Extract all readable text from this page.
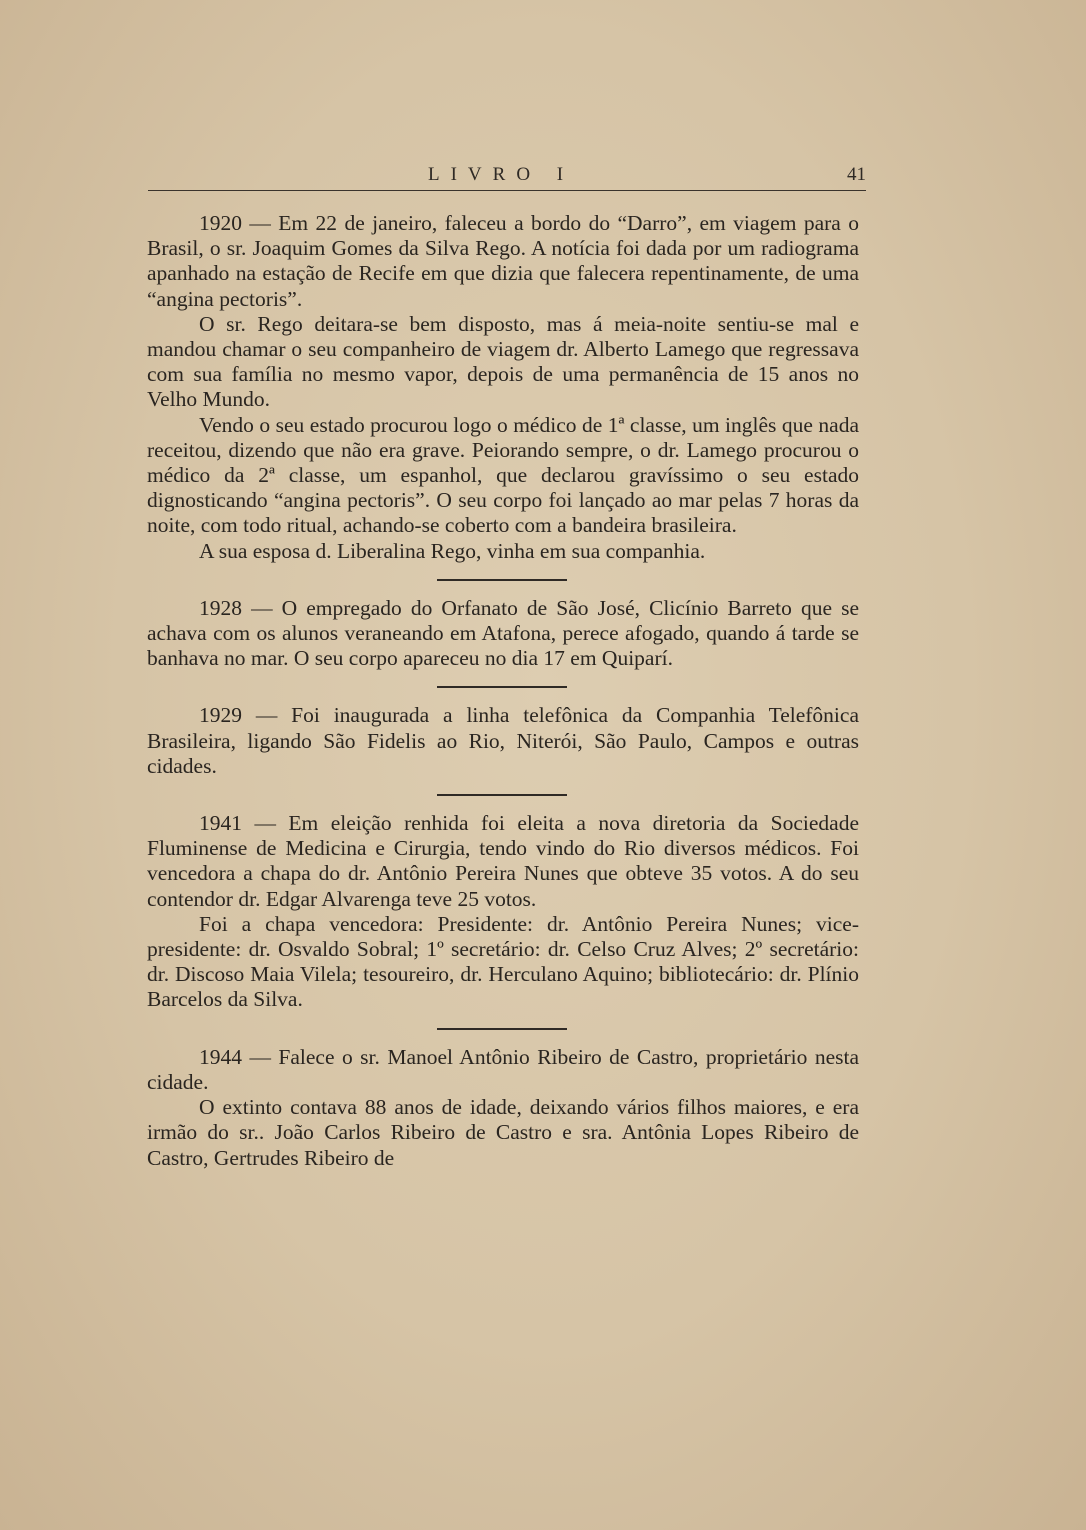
LIVRO I	41

1920 — Em 22 de janeiro, faleceu a bordo do “Darro”, em viagem para o Brasil, o sr. Joaquim Gomes da Silva Rego. A notícia foi dada por um radiograma apanhado na estação de Recife em que dizia que falecera repentinamente, de uma “angina pectoris”.

O sr. Rego deitara-se bem disposto, mas á meia-noite sentiu-se mal e mandou chamar o seu companheiro de viagem dr. Alberto Lamego que regressava com sua família no mesmo vapor, depois de uma permanência de 15 anos no Velho Mundo.

Vendo o seu estado procurou logo o médico de 1ª classe, um inglês que nada receitou, dizendo que não era grave. Peiorando sempre, o dr. Lamego procurou o médico da 2ª classe, um espanhol, que declarou gravíssimo o seu estado dignosticando “angina pectoris”. O seu corpo foi lançado ao mar pelas 7 horas da noite, com todo ritual, achando-se coberto com a bandeira brasileira.

A sua esposa d. Liberalina Rego, vinha em sua companhia.

1928 — O empregado do Orfanato de São José, Clicínio Barreto que se achava com os alunos veraneando em Atafona, perece afogado, quando á tarde se banhava no mar. O seu corpo apareceu no dia 17 em Quiparí.

1929 — Foi inaugurada a linha telefônica da Companhia Telefônica Brasileira, ligando São Fidelis ao Rio, Niterói, São Paulo, Campos e outras cidades.

1941 — Em eleição renhida foi eleita a nova diretoria da Sociedade Fluminense de Medicina e Cirurgia, tendo vindo do Rio diversos médicos. Foi vencedora a chapa do dr. Antônio Pereira Nunes que obteve 35 votos. A do seu contendor dr. Edgar Alvarenga teve 25 votos.

Foi a chapa vencedora: Presidente: dr. Antônio Pereira Nunes; vice-presidente: dr. Osvaldo Sobral; 1º secretário: dr. Celso Cruz Alves; 2º secretário: dr. Discoso Maia Vilela; tesoureiro, dr. Herculano Aquino; bibliotecário: dr. Plínio Barcelos da Silva.

1944 — Falece o sr. Manoel Antônio Ribeiro de Castro, proprietário nesta cidade.

O extinto contava 88 anos de idade, deixando vários filhos maiores, e era irmão do sr.. João Carlos Ribeiro de Castro e sra. Antônia Lopes Ribeiro de Castro, Gertrudes Ribeiro de
